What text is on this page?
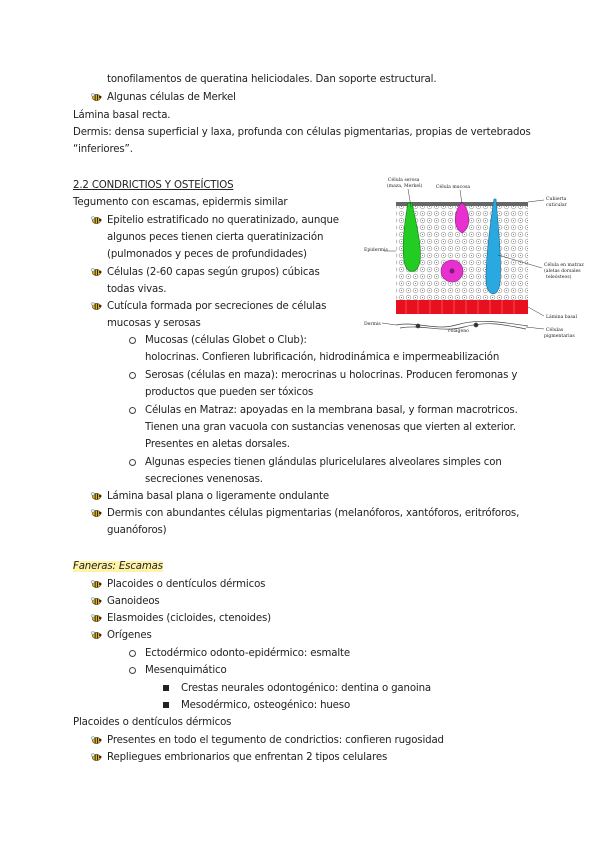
tonofilamentos de queratina heliciodales. Dan soporte estructural.
Algunas células de Merkel
Lámina basal recta.
Dermis: densa superficial y laxa, profunda con células pigmentarias, propias de vertebrados
“inferiores”.
2.2 CONDRICTIOS Y OSTEÍCTIOS
Tegumento con escamas, epidermis similar
Epitelio estratificado no queratinizado, aunque
algunos peces tienen cierta queratinización
(pulmonados y peces de profundidades)
Células (2-60 capas según grupos) cúbicas
todas vivas.
Cutícula formada por secreciones de células
mucosas y serosas
Mucosas (células Globet o Club):
holocrinas. Confieren lubrificación, hidrodinámica e impermeabilización
Serosas (células en maza): merocrinas u holocrinas. Producen feromonas y
productos que pueden ser tóxicos
Células en Matraz: apoyadas en la membrana basal, y forman macrotricos.
Tienen una gran vacuola con sustancias venenosas que vierten al exterior.
Presentes en aletas dorsales.
Algunas especies tienen glándulas pluricelulares alveolares simples con
secreciones venenosas.
Lámina basal plana o ligeramente ondulante
Dermis con abundantes células pigmentarias (melanóforos, xantóforos, eritróforos,
guanóforos)
Célula serosa
(maza, Merkel)	Célula mucosa
Cubierta
cuticular
Epidermis
Célula en matraz
(aletas dorsales
teleósteos)
Lámina basal
Dermis
colágeno	Células
pigmentarias
Faneras: Escamas
Placoides o dentículos dérmicos
Ganoideos
Elasmoides (cicloides, ctenoides)
Orígenes
Ectodérmico odonto-epidérmico: esmalte
Mesenquimático
Crestas neurales odontogénico: dentina o ganoina
Mesodérmico, osteogénico: hueso
Placoides o dentículos dérmicos
Presentes en todo el tegumento de condrictios: confieren rugosidad
Repliegues embrionarios que enfrentan 2 tipos celulares
